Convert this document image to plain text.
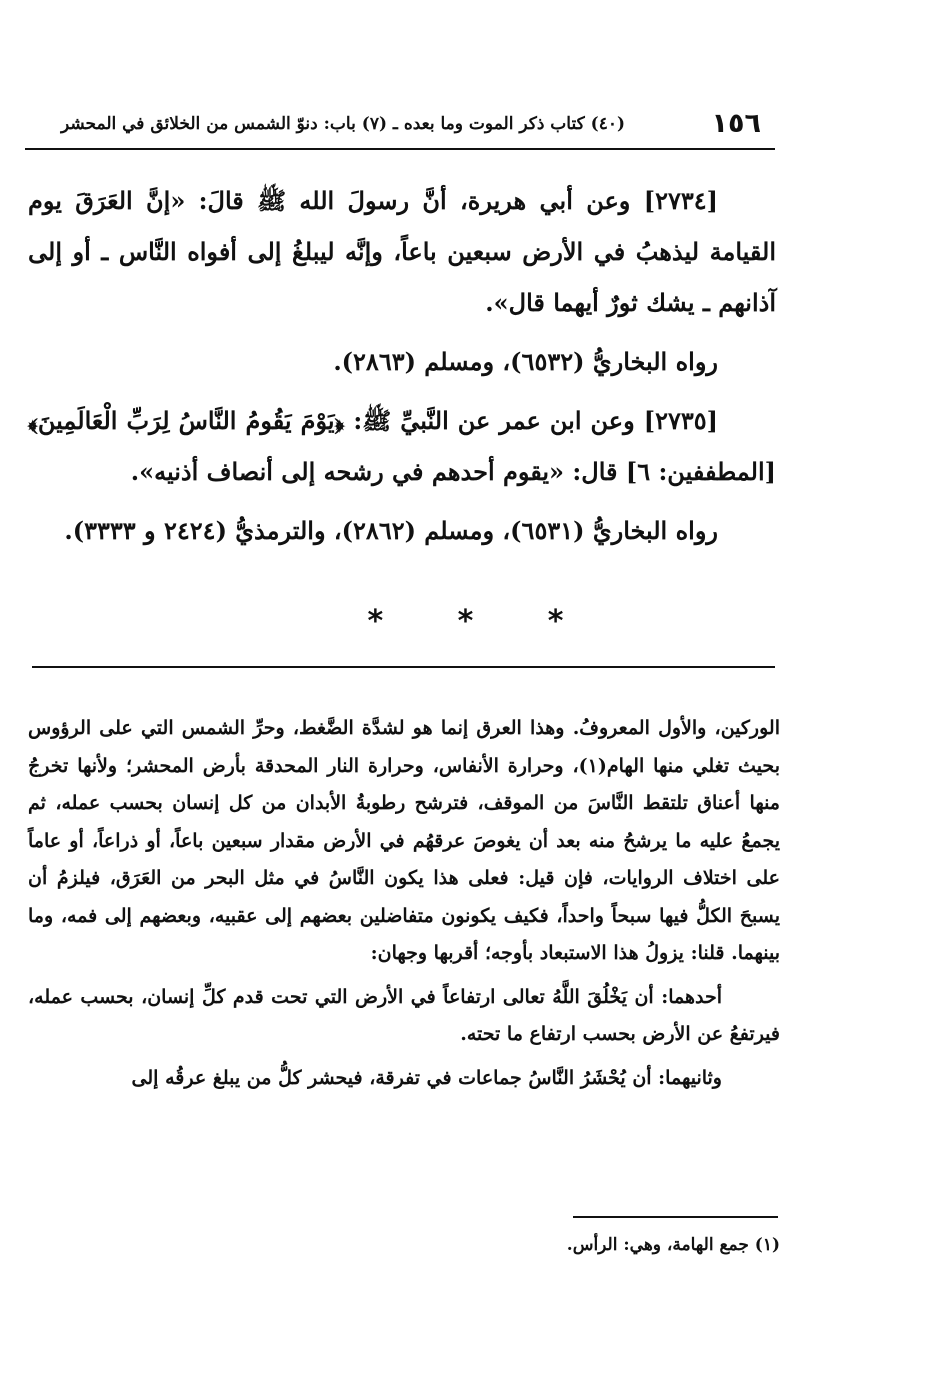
١٥٦
(٤٠) كتاب ذكر الموت وما بعده ـ (٧) باب: دنوّ الشمس من الخلائق في المحشر

[٢٧٣٤] وعن أبي هريرة، أنَّ رسولَ الله ﷺ قالَ: «إنَّ العَرَقَ يوم القيامة ليذهبُ في الأرض سبعين باعاً، وإنَّه ليبلغُ إلى أفواه النَّاس ـ أو إلى آذانهم ـ يشك ثورٌ أيهما قال».

رواه البخاريُّ (٦٥٣٢)، ومسلم (٢٨٦٣).

[٢٧٣٥] وعن ابن عمر عن النَّبيِّ ﷺ: ﴿يَوْمَ يَقُومُ النَّاسُ لِرَبِّ الْعَالَمِينَ﴾ [المطففين: ٦] قال: «يقوم أحدهم في رشحه إلى أنصاف أذنيه».

رواه البخاريُّ (٦٥٣١)، ومسلم (٢٨٦٢)، والترمذيُّ (٢٤٢٤ و ٣٣٣٣).

* * *

الوركين، والأول المعروفُ. وهذا العرق إنما هو لشدَّة الضَّغط، وحرِّ الشمس التي على الرؤوس بحيث تغلي منها الهام(١)، وحرارة الأنفاس، وحرارة النار المحدقة بأرض المحشر؛ ولأنها تخرجُ منها أعناق تلتقط النَّاسَ من الموقف، فترشح رطوبةُ الأبدان من كل إنسان بحسب عمله، ثم يجمعُ عليه ما يرشحُ منه بعد أن يغوصَ عرقهُم في الأرض مقدار سبعين باعاً، أو ذراعاً، أو عاماً على اختلاف الروايات، فإن قيل: فعلى هذا يكون النَّاسُ في مثل البحر من العَرَق، فيلزمُ أن يسبحَ الكلُّ فيها سبحاً واحداً، فكيف يكونون متفاضلين بعضهم إلى عقبيه، وبعضهم إلى فمه، وما بينهما. قلنا: يزولُ هذا الاستبعاد بأوجه؛ أقربها وجهان:

أحدهما: أن يَخْلُقَ اللَّهُ تعالى ارتفاعاً في الأرض التي تحت قدم كلِّ إنسان، بحسب عمله، فيرتفعُ عن الأرض بحسب ارتفاع ما تحته.

وثانيهما: أن يُحْشَرُ النَّاسُ جماعات في تفرقة، فيحشر كلُّ من يبلغ عرقُه إلى

(١) جمع الهامة، وهي: الرأس.
